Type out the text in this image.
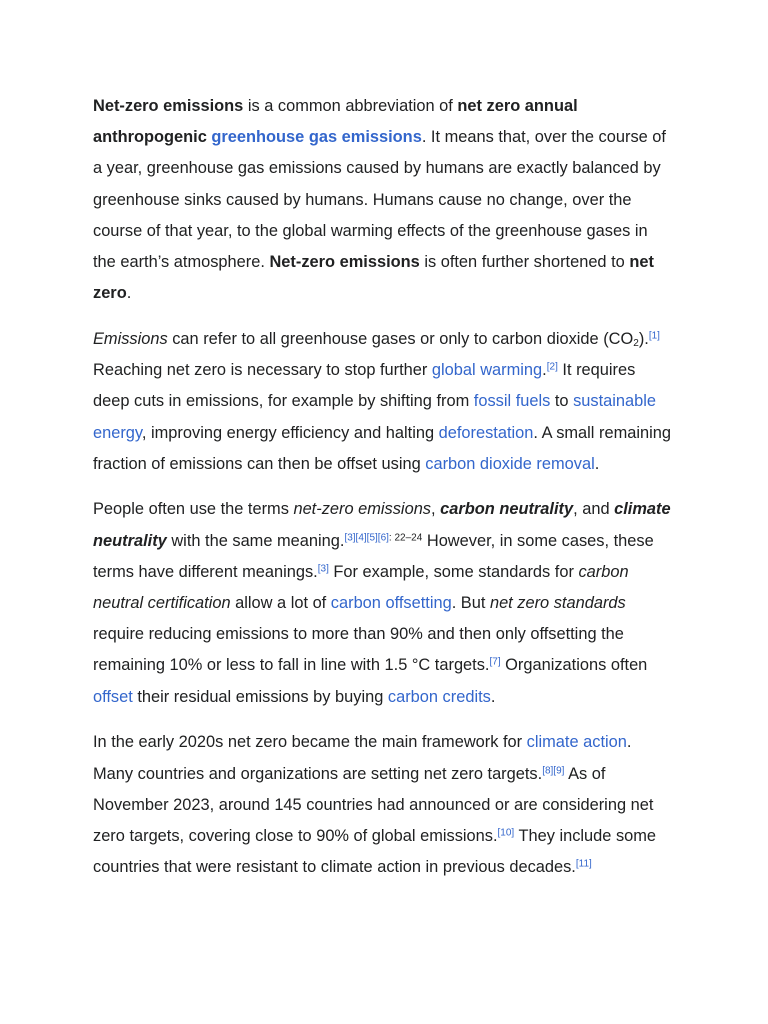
Net-zero emissions is a common abbreviation of net zero annual anthropogenic greenhouse gas emissions. It means that, over the course of a year, greenhouse gas emissions caused by humans are exactly balanced by greenhouse sinks caused by humans. Humans cause no change, over the course of that year, to the global warming effects of the greenhouse gases in the earth’s atmosphere. Net-zero emissions is often further shortened to net zero.

Emissions can refer to all greenhouse gases or only to carbon dioxide $(CO_2).[1]$ Reaching net zero is necessary to stop further global warming.[2] It requires deep cuts in emissions, for example by shifting from fossil fuels to sustainable energy, improving energy efficiency and halting deforestation. A small remaining fraction of emissions can then be offset using carbon dioxide removal.

People often use the terms net-zero emissions, carbon neutrality, and climate neutrality with the same meaning.$^{[3][4][5][6]: 22-24}$ However, in some cases, these terms have different meanings.[3] For example, some standards for carbon neutral certification allow a lot of carbon offsetting. But net zero standards require reducing emissions to more than 90% and then only offsetting the remaining 10% or less to fall in line with 1.5 °C targets.[7] Organizations often offset their residual emissions by buying carbon credits.

In the early 2020s net zero became the main framework for climate action. Many countries and organizations are setting net zero targets.[8][9] As of November 2023, around 145 countries had announced or are considering net zero targets, covering close to 90% of global emissions.[10] They include some countries that were resistant to climate action in previous decades.[11]
